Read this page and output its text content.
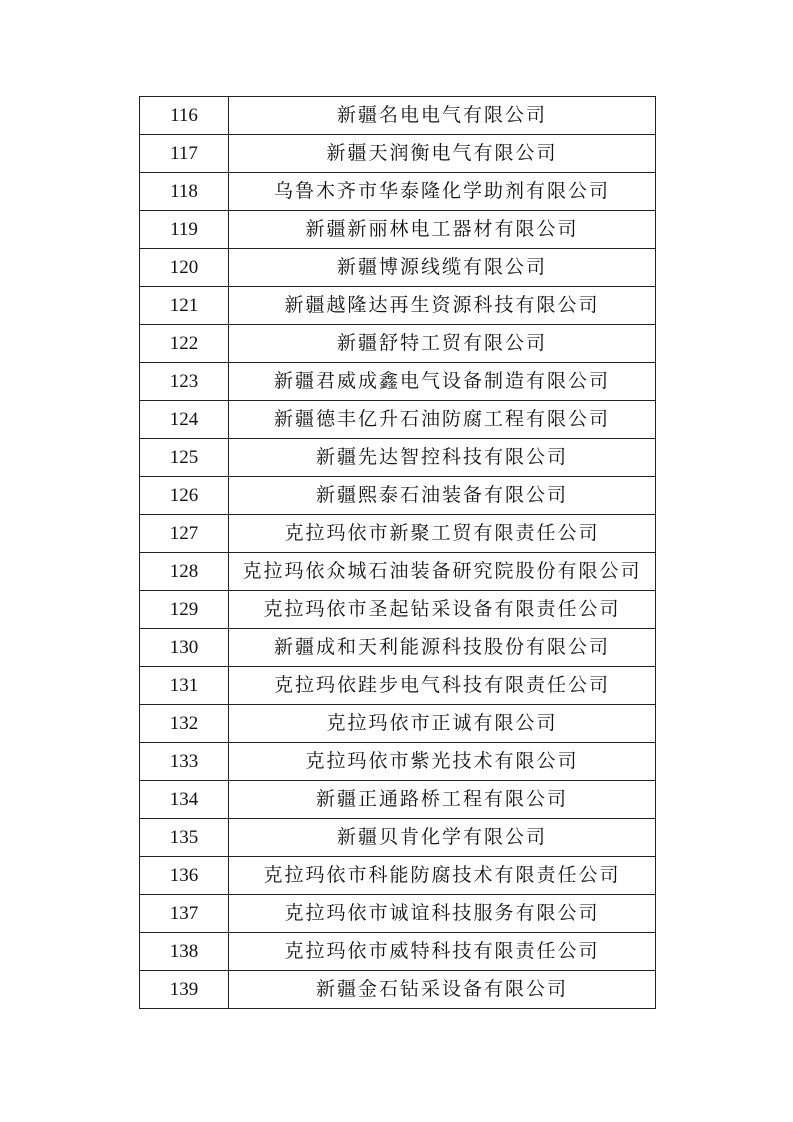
116	新疆名电电气有限公司
117	新疆天润衡电气有限公司
118	乌鲁木齐市华泰隆化学助剂有限公司
119	新疆新丽林电工器材有限公司
120	新疆博源线缆有限公司
121	新疆越隆达再生资源科技有限公司
122	新疆舒特工贸有限公司
123	新疆君威成鑫电气设备制造有限公司
124	新疆德丰亿升石油防腐工程有限公司
125	新疆先达智控科技有限公司
126	新疆熙泰石油装备有限公司
127	克拉玛依市新聚工贸有限责任公司
128	克拉玛依众城石油装备研究院股份有限公司
129	克拉玛依市圣起钻采设备有限责任公司
130	新疆成和天利能源科技股份有限公司
131	克拉玛依跬步电气科技有限责任公司
132	克拉玛依市正诚有限公司
133	克拉玛依市紫光技术有限公司
134	新疆正通路桥工程有限公司
135	新疆贝肯化学有限公司
136	克拉玛依市科能防腐技术有限责任公司
137	克拉玛依市诚谊科技服务有限公司
138	克拉玛依市威特科技有限责任公司
139	新疆金石钻采设备有限公司
